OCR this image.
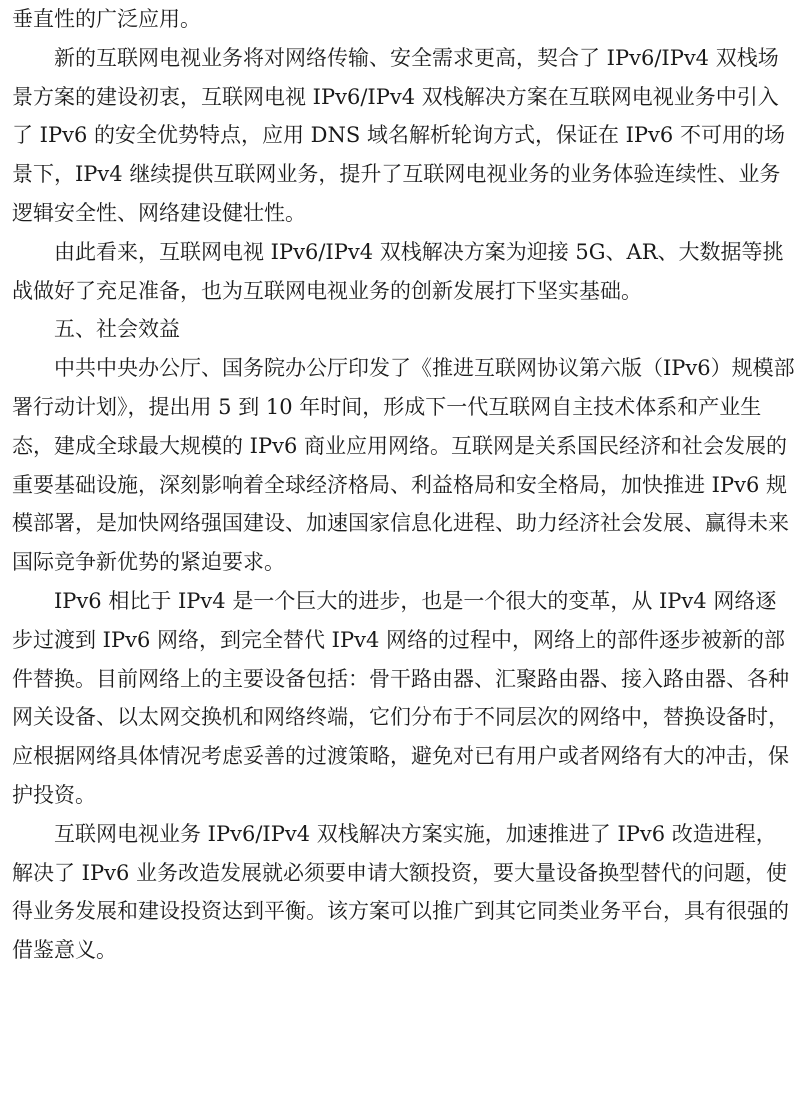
垂直性的广泛应用。

新的互联网电视业务将对网络传输、安全需求更高，契合了 IPv6/IPv4 双栈场景方案的建设初衷，互联网电视 IPv6/IPv4 双栈解决方案在互联网电视业务中引入了 IPv6 的安全优势特点，应用 DNS 域名解析轮询方式，保证在 IPv6 不可用的场景下，IPv4 继续提供互联网业务，提升了互联网电视业务的业务体验连续性、业务逻辑安全性、网络建设健壮性。

由此看来，互联网电视 IPv6/IPv4 双栈解决方案为迎接 5G、AR、大数据等挑战做好了充足准备，也为互联网电视业务的创新发展打下坚实基础。

五、社会效益

中共中央办公厅、国务院办公厅印发了《推进互联网协议第六版（IPv6）规模部署行动计划》，提出用 5 到 10 年时间，形成下一代互联网自主技术体系和产业生态，建成全球最大规模的 IPv6 商业应用网络。互联网是关系国民经济和社会发展的重要基础设施，深刻影响着全球经济格局、利益格局和安全格局，加快推进 IPv6 规模部署，是加快网络强国建设、加速国家信息化进程、助力经济社会发展、赢得未来国际竞争新优势的紧迫要求。

IPv6 相比于 IPv4 是一个巨大的进步，也是一个很大的变革，从 IPv4 网络逐步过渡到 IPv6 网络，到完全替代 IPv4 网络的过程中，网络上的部件逐步被新的部件替换。目前网络上的主要设备包括：骨干路由器、汇聚路由器、接入路由器、各种网关设备、以太网交换机和网络终端，它们分布于不同层次的网络中，替换设备时，应根据网络具体情况考虑妥善的过渡策略，避免对已有用户或者网络有大的冲击，保护投资。

互联网电视业务 IPv6/IPv4 双栈解决方案实施，加速推进了 IPv6 改造进程，解决了 IPv6 业务改造发展就必须要申请大额投资，要大量设备换型替代的问题，使得业务发展和建设投资达到平衡。该方案可以推广到其它同类业务平台，具有很强的借鉴意义。
